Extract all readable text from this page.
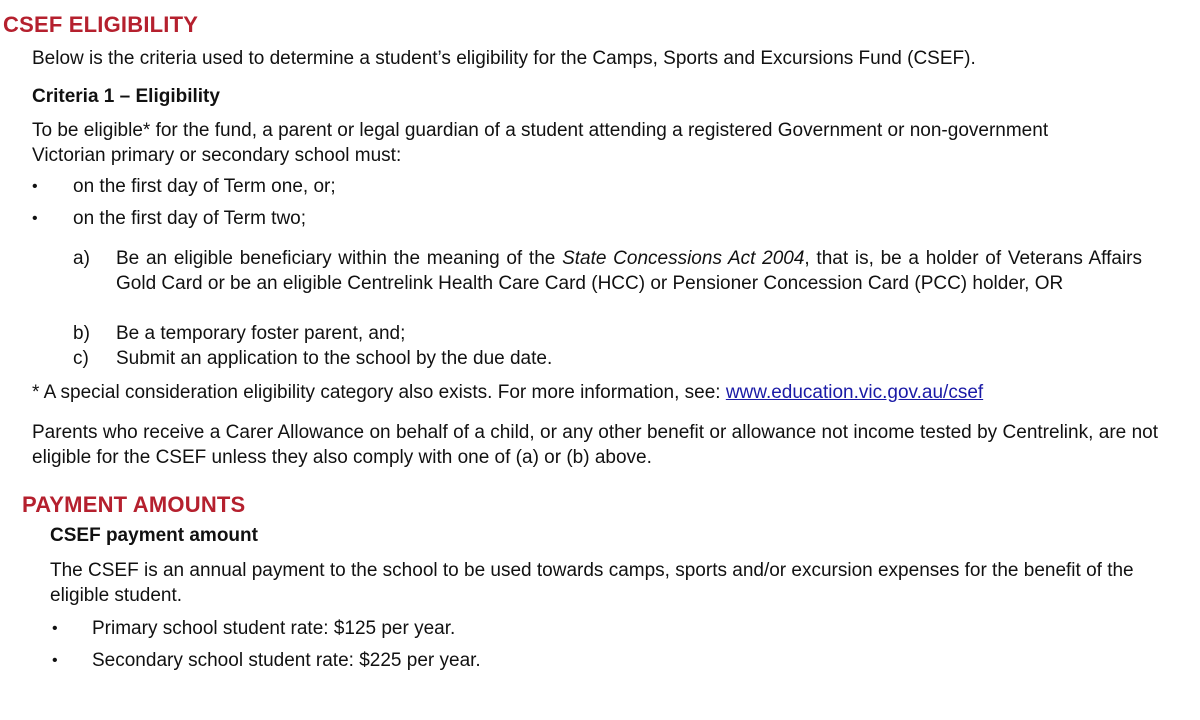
CSEF ELIGIBILITY

Below is the criteria used to determine a student’s eligibility for the Camps, Sports and Excursions Fund (CSEF).

Criteria 1 – Eligibility

To be eligible* for the fund, a parent or legal guardian of a student attending a registered Government or non-government Victorian primary or secondary school must:

• on the first day of Term one, or;

• on the first day of Term two;

a) Be an eligible beneficiary within the meaning of the State Concessions Act 2004, that is, be a holder of Veterans Affairs Gold Card or be an eligible Centrelink Health Care Card (HCC) or Pensioner Concession Card (PCC) holder, OR

b) Be a temporary foster parent, and;

c) Submit an application to the school by the due date.

* A special consideration eligibility category also exists. For more information, see: www.education.vic.gov.au/csef

Parents who receive a Carer Allowance on behalf of a child, or any other benefit or allowance not income tested by Centrelink, are not eligible for the CSEF unless they also comply with one of (a) or (b) above.

PAYMENT AMOUNTS

CSEF payment amount

The CSEF is an annual payment to the school to be used towards camps, sports and/or excursion expenses for the benefit of the eligible student.

• Primary school student rate: $125 per year.

• Secondary school student rate: $225 per year.
